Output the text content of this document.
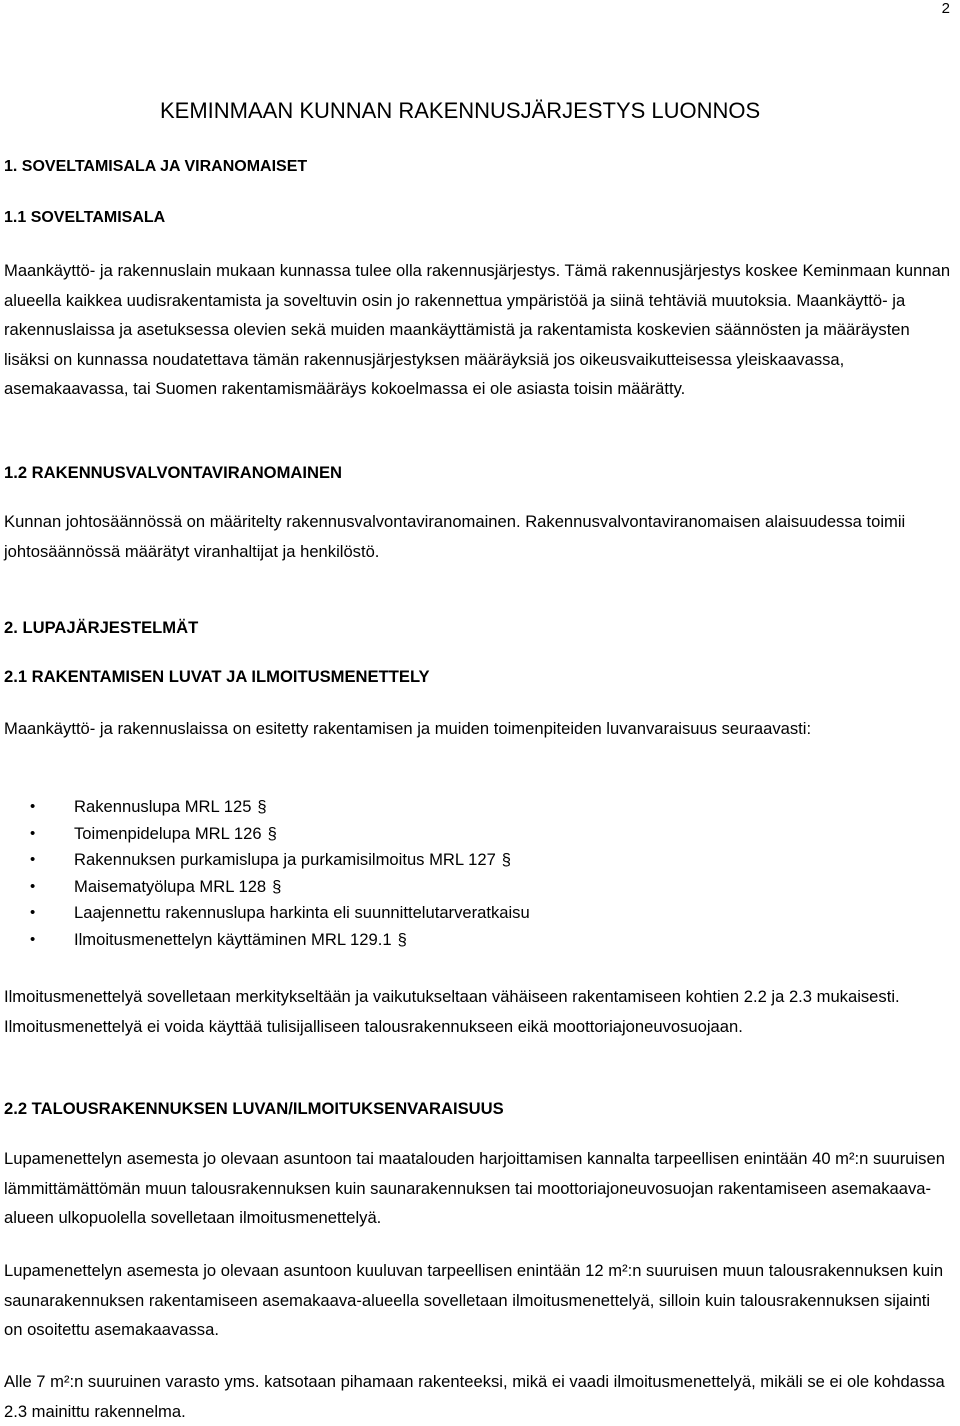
2
KEMINMAAN KUNNAN RAKENNUSJÄRJESTYS LUONNOS
1. SOVELTAMISALA JA VIRANOMAISET
1.1 SOVELTAMISALA

Maankäyttö- ja rakennuslain mukaan kunnassa tulee olla rakennusjärjestys. Tämä rakennusjärjestys koskee Keminmaan kunnan alueella kaikkea uudisrakentamista ja soveltuvin osin jo rakennettua ympäristöä ja siinä tehtäviä muutoksia. Maankäyttö- ja rakennuslaissa ja asetuksessa olevien sekä muiden maankäyttämistä ja rakentamista koskevien säännösten ja määräysten lisäksi on kunnassa noudatettava tämän rakennusjärjestyksen määräyksiä jos oikeusvaikutteisessa yleiskaavassa, asemakaavassa, tai Suomen rakentamismääräys kokoelmassa ei ole asiasta toisin määrätty.

1.2 RAKENNUSVALVONTAVIRANOMAINEN

Kunnan johtosäännössä on määritelty rakennusvalvontaviranomainen. Rakennusvalvontaviranomaisen alaisuudessa toimii johtosäännössä määrätyt viranhaltijat ja henkilöstö.

2. LUPAJÄRJESTELMÄT
2.1 RAKENTAMISEN LUVAT JA ILMOITUSMENETTELY

Maankäyttö- ja rakennuslaissa on esitetty rakentamisen ja muiden toimenpiteiden luvanvaraisuus seuraavasti:

•	Rakennuslupa MRL 125 §
•	Toimenpidelupa MRL 126 §
•	Rakennuksen purkamislupa ja purkamisilmoitus MRL 127 §
•	Maisematyölupa MRL 128 §
•	Laajennettu rakennuslupa harkinta eli suunnittelutarveratkaisu
•	Ilmoitusmenettelyn käyttäminen MRL 129.1 §

Ilmoitusmenettelyä sovelletaan merkitykseltään ja vaikutukseltaan vähäiseen rakentamiseen kohtien 2.2 ja 2.3 mukaisesti. Ilmoitusmenettelyä ei voida käyttää tulisijalliseen talousrakennukseen eikä moottoriajoneuvosuojaan.

2.2 TALOUSRAKENNUKSEN LUVAN/ILMOITUKSENVARAISUUS

Lupamenettelyn asemesta jo olevaan asuntoon tai maatalouden harjoittamisen kannalta tarpeellisen enintään 40 m²:n suuruisen lämmittämättömän muun talousrakennuksen kuin saunarakennuksen tai moottoriajoneuvosuojan rakentamiseen asemakaava-alueen ulkopuolella sovelletaan ilmoitusmenettelyä.

Lupamenettelyn asemesta jo olevaan asuntoon kuuluvan tarpeellisen enintään 12 m²:n suuruisen muun talousrakennuksen kuin saunarakennuksen rakentamiseen asemakaava-alueella sovelletaan ilmoitusmenettelyä, silloin kuin talousrakennuksen sijainti on osoitettu asemakaavassa.

Alle 7 m²:n suuruinen varasto yms. katsotaan pihamaan rakenteeksi, mikä ei vaadi ilmoitusmenettelyä, mikäli se ei ole kohdassa 2.3 mainittu rakennelma.
